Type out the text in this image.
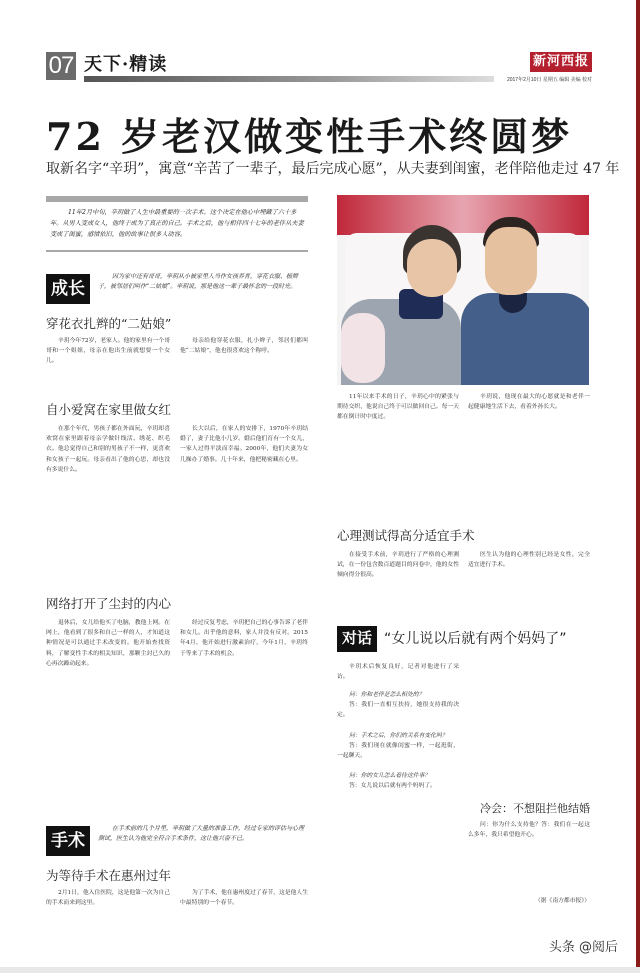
07 天下·精读	新河西报
2017年2月10日 星期五 编辑 美编 校对
72 岁老汉做变性手术终圆梦
取新名字“辛玥”，寓意“辛苦了一辈子，最后完成心愿”，从夫妻到闺蜜，老伴陪他走过 47 年
11年2月中旬，辛玥做了人生中最重要的一次手术。这个决定在他心中埋藏了六十多年。从男人变成女人，他终于成为了真正的自己。手术之后，他与相伴四十七年的老伴从夫妻变成了闺蜜，感情依旧，他的故事让很多人动容。
成长
因为家中还有哥哥，辛玥从小被家里人当作女孩养育，穿花衣服、梳辫子，被邻居们叫作“二姑娘”。辛玥说，那是他这一辈子最怀念的一段时光。
穿花衣扎辫的“二姑娘”
辛玥今年72岁，老家人。他的家里有一个哥哥和一个姐姐，母亲在他出生前就想要一个女儿。
母亲给他穿花衣服，扎小辫子，邻居们都叫他“二姑娘”，他也很喜欢这个称呼。
自小爱窝在家里做女红
在那个年代，男孩子都在外面玩，辛玥却喜欢窝在家里跟着母亲学做针线活、绣花、织毛衣。他总觉得自己和别的男孩子不一样，更喜欢和女孩子一起玩。母亲看出了他的心思，却也没有多说什么。
长大以后，在家人的安排下，1970年辛玥结婚了，妻子比他小几岁。婚后他们育有一个女儿，一家人过得平淡而幸福。2000年，他们夫妻为女儿操办了婚事。几十年来，他把秘密藏在心里。
网络打开了尘封的内心
退休后，女儿给他买了电脑，教他上网。在网上，他看到了很多和自己一样的人，才知道这种情况是可以通过手术改变的。他开始查找资料，了解变性手术的相关知识，那颗尘封已久的心再次躁动起来。
经过反复考虑，辛玥把自己的心事告诉了老伴和女儿。出乎他的意料，家人并没有反对。2015年4月，他开始进行激素治疗，今年1月，辛玥终于等来了手术的机会。
手术
在手术前的几个月里，辛玥做了大量的准备工作，经过专家的评估与心理测试，医生认为他完全符合手术条件，这让他兴奋不已。
为等待手术在惠州过年
2月1日，他入住医院，这是他第一次为自己的手术而来到这里。
为了手术，他在惠州度过了春节，这是他人生中最特别的一个春节。
11年以来手术的日子，辛玥心中的紧张与期待交织，他说自己终于可以做回自己。每一天都在倒计时中度过。
辛玥说，他现在最大的心愿就是和老伴一起健康地生活下去，看着外孙长大。
心理测试得高分适宜手术
在接受手术前，辛玥进行了严格的心理测试，在一份包含数百道题目的问卷中，他的女性倾向得分很高。
医生认为他的心理性别已经是女性，完全适宜进行手术。
对话 “女儿说以后就有两个妈妈了”
辛玥术后恢复良好，记者对他进行了采访。
问：你和老伴是怎么相处的？
答：我们一直相互扶持，她很支持我的决定。
问：手术之后，你们的关系有变化吗？
答：我们现在就像闺蜜一样，一起逛街，一起聊天。
问：你的女儿怎么看待这件事？
答：女儿说以后就有两个妈妈了。
冷会：不想阻拦他结婚
问：你为什么支持他？答：我们在一起这么多年，我只希望他开心。
（据《南方都市报》）
头条 @阅后
